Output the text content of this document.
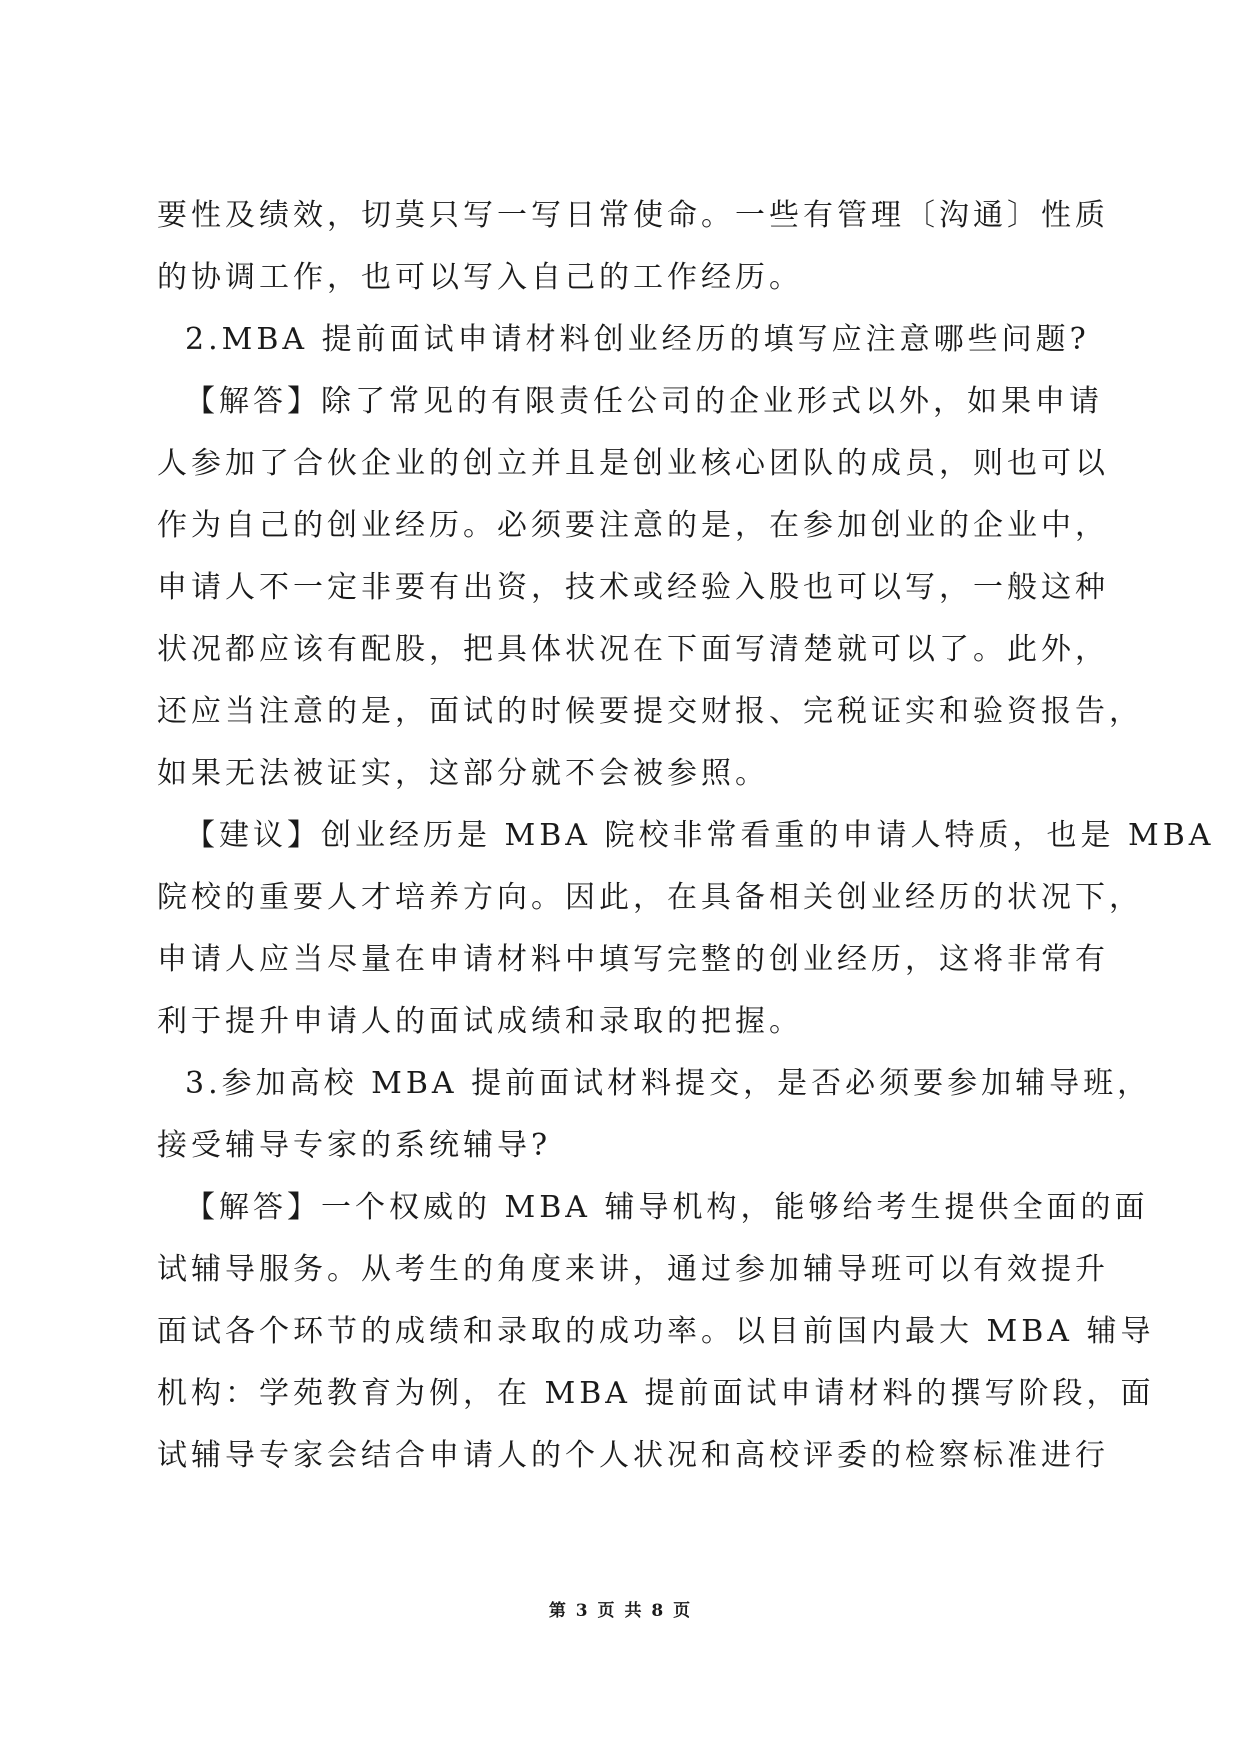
要性及绩效，切莫只写一写日常使命。一些有管理〔沟通〕性质
的协调工作，也可以写入自己的工作经历。
2.MBA 提前面试申请材料创业经历的填写应注意哪些问题?
【解答】除了常见的有限责任公司的企业形式以外，如果申请
人参加了合伙企业的创立并且是创业核心团队的成员，则也可以
作为自己的创业经历。必须要注意的是，在参加创业的企业中，
申请人不一定非要有出资，技术或经验入股也可以写，一般这种
状况都应该有配股，把具体状况在下面写清楚就可以了。此外，
还应当注意的是，面试的时候要提交财报、完税证实和验资报告，
如果无法被证实，这部分就不会被参照。
【建议】创业经历是 MBA 院校非常看重的申请人特质，也是 MBA
院校的重要人才培养方向。因此，在具备相关创业经历的状况下，
申请人应当尽量在申请材料中填写完整的创业经历，这将非常有
利于提升申请人的面试成绩和录取的把握。
3.参加高校 MBA 提前面试材料提交，是否必须要参加辅导班，
接受辅导专家的系统辅导?
【解答】一个权威的 MBA 辅导机构，能够给考生提供全面的面
试辅导服务。从考生的角度来讲，通过参加辅导班可以有效提升
面试各个环节的成绩和录取的成功率。以目前国内最大 MBA 辅导
机构：学苑教育为例，在 MBA 提前面试申请材料的撰写阶段，面
试辅导专家会结合申请人的个人状况和高校评委的检察标准进行
第 3 页 共 8 页
